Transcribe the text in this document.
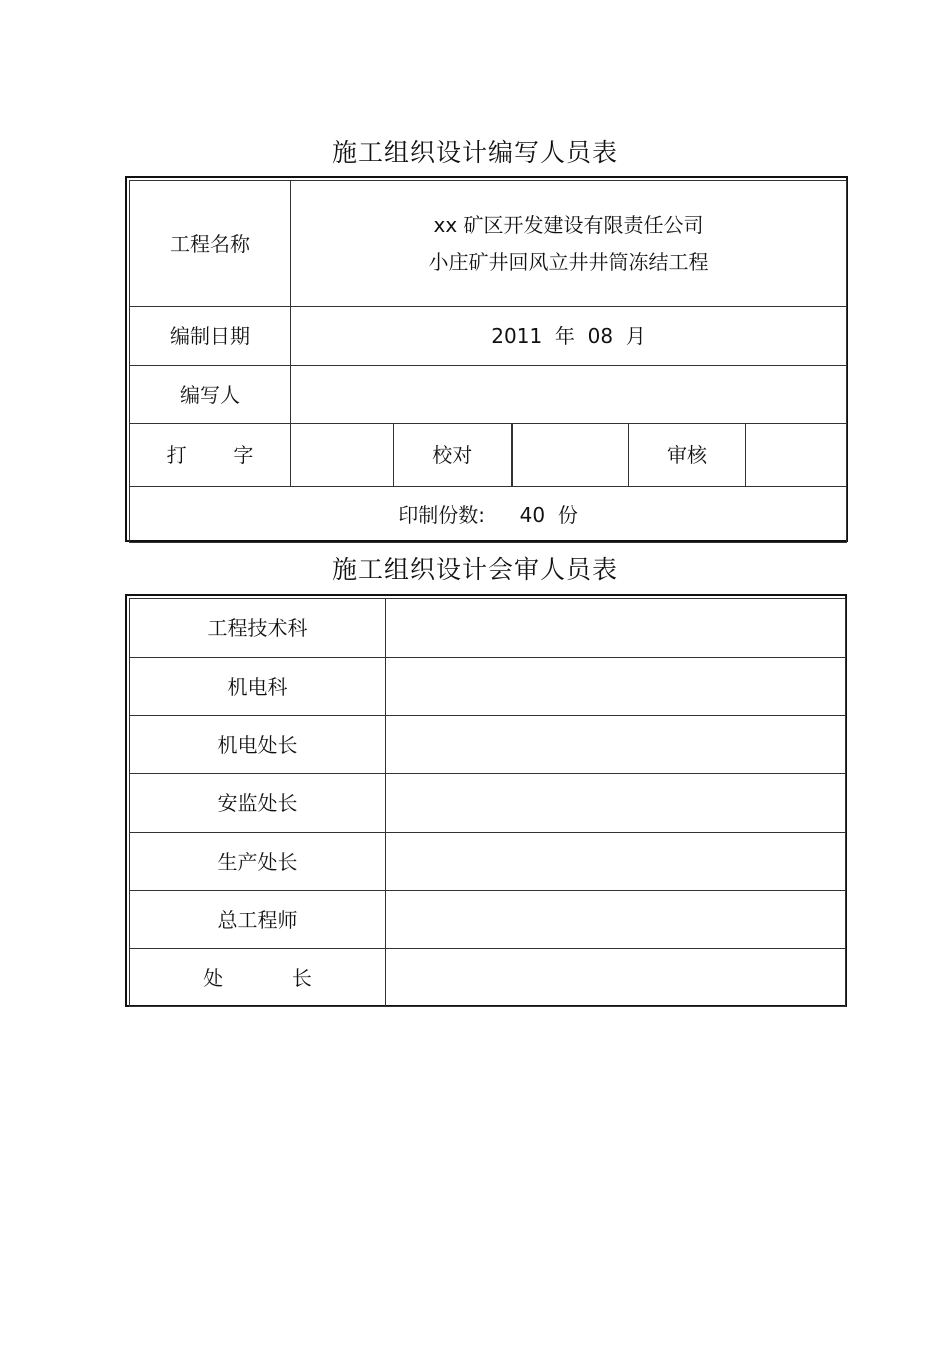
施工组织设计编写人员表
工程名称	xx 矿区开发建设有限责任公司
小庄矿井回风立井井筒冻结工程				

编制日期	2011  年  08  月				
编写人					
打 字		校对		审核	
印制份数: 40  份					
施工组织设计会审人员表
工程技术科	
机电科	
机电处长	
安监处长	
生产处长	
总工程师	
处 长	
